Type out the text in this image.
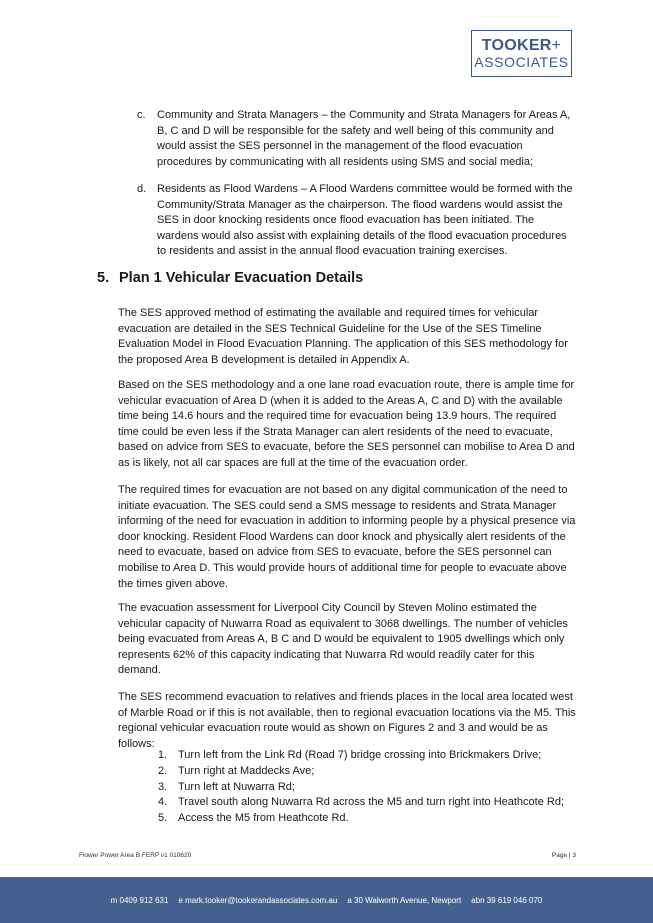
TOOKER+
ASSOCIATES
c. Community and Strata Managers – the Community and Strata Managers for Areas A, B, C and D will be responsible for the safety and well being of this community and would assist the SES personnel in the management of the flood evacuation procedures by communicating with all residents using SMS and social media;
d. Residents as Flood Wardens – A Flood Wardens committee would be formed with the Community/Strata Manager as the chairperson. The flood wardens would assist the SES in door knocking residents once flood evacuation has been initiated. The wardens would also assist with explaining details of the flood evacuation procedures to residents and assist in the annual flood evacuation training exercises.
5. Plan 1 Vehicular Evacuation Details
The SES approved method of estimating the available and required times for vehicular evacuation are detailed in the SES Technical Guideline for the Use of the SES Timeline Evaluation Model in Flood Evacuation Planning. The application of this SES methodology for the proposed Area B development is detailed in Appendix A.
Based on the SES methodology and a one lane road evacuation route, there is ample time for vehicular evacuation of Area D (when it is added to the Areas A, C and D) with the available time being 14.6 hours and the required time for evacuation being 13.9 hours. The required time could be even less if the Strata Manager can alert residents of the need to evacuate, based on advice from SES to evacuate, before the SES personnel can mobilise to Area D and as is likely, not all car spaces are full at the time of the evacuation order.
The required times for evacuation are not based on any digital communication of the need to initiate evacuation. The SES could send a SMS message to residents and Strata Manager informing of the need for evacuation in addition to informing people by a physical presence via door knocking. Resident Flood Wardens can door knock and physically alert residents of the need to evacuate, based on advice from SES to evacuate, before the SES personnel can mobilise to Area D. This would provide hours of additional time for people to evacuate above the times given above.
The evacuation assessment for Liverpool City Council by Steven Molino estimated the vehicular capacity of Nuwarra Road as equivalent to 3068 dwellings. The number of vehicles being evacuated from Areas A, B C and D would be equivalent to 1905 dwellings which only represents 62% of this capacity indicating that Nuwarra Rd would readily cater for this demand.
The SES recommend evacuation to relatives and friends places in the local area located west of Marble Road or if this is not available, then to regional evacuation locations via the M5. This regional vehicular evacuation route would as shown on Figures 2 and 3 and would be as follows:
1. Turn left from the Link Rd (Road 7) bridge crossing into Brickmakers Drive;
2. Turn right at Maddecks Ave;
3. Turn left at Nuwarra Rd;
4. Travel south along Nuwarra Rd across the M5 and turn right into Heathcote Rd;
5. Access the M5 from Heathcote Rd.
Flower Power Area B FERP v1 010620	Page | 3
m 0409 912 631 e mark.tooker@tookerandassociates.com.au a 30 Walworth Avenue, Newport abn 39 619 046 070
